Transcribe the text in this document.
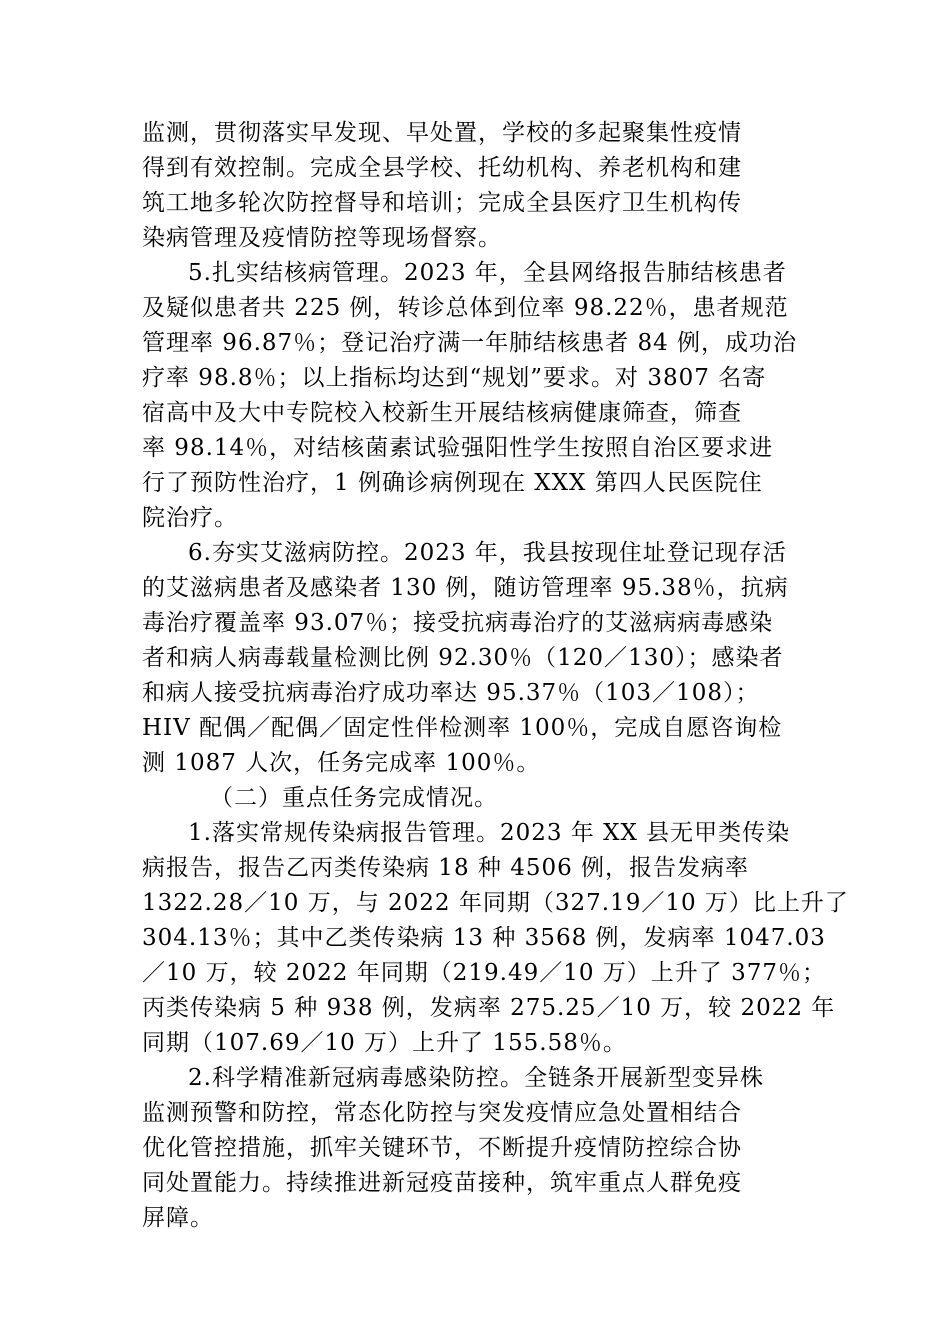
监测，贯彻落实早发现、早处置，学校的多起聚集性疫情
得到有效控制。完成全县学校、托幼机构、养老机构和建
筑工地多轮次防控督导和培训；完成全县医疗卫生机构传
染病管理及疫情防控等现场督察。
5.扎实结核病管理。2023 年，全县网络报告肺结核患者
及疑似患者共 225 例，转诊总体到位率 98.22％，患者规范
管理率 96.87％；登记治疗满一年肺结核患者 84 例，成功治
疗率 98.8％；以上指标均达到“规划”要求。对 3807 名寄
宿高中及大中专院校入校新生开展结核病健康筛查，筛查
率 98.14％，对结核菌素试验强阳性学生按照自治区要求进
行了预防性治疗，1 例确诊病例现在 XXX 第四人民医院住
院治疗。
6.夯实艾滋病防控。2023 年，我县按现住址登记现存活
的艾滋病患者及感染者 130 例，随访管理率 95.38％，抗病
毒治疗覆盖率 93.07％；接受抗病毒治疗的艾滋病病毒感染
者和病人病毒载量检测比例 92.30％（120／130）；感染者
和病人接受抗病毒治疗成功率达 95.37％（103／108）；
HIV 配偶／配偶／固定性伴检测率 100％，完成自愿咨询检
测 1087 人次，任务完成率 100％。
（二）重点任务完成情况。
1.落实常规传染病报告管理。2023 年 XX 县无甲类传染
病报告，报告乙丙类传染病 18 种 4506 例，报告发病率
1322.28／10 万，与 2022 年同期（327.19／10 万）比上升了
304.13％；其中乙类传染病 13 种 3568 例，发病率 1047.03
／10 万，较 2022 年同期（219.49／10 万）上升了 377％；
丙类传染病 5 种 938 例，发病率 275.25／10 万，较 2022 年
同期（107.69／10 万）上升了 155.58％。
2.科学精准新冠病毒感染防控。全链条开展新型变异株
监测预警和防控，常态化防控与突发疫情应急处置相结合
优化管控措施，抓牢关键环节，不断提升疫情防控综合协
同处置能力。持续推进新冠疫苗接种，筑牢重点人群免疫
屏障。
